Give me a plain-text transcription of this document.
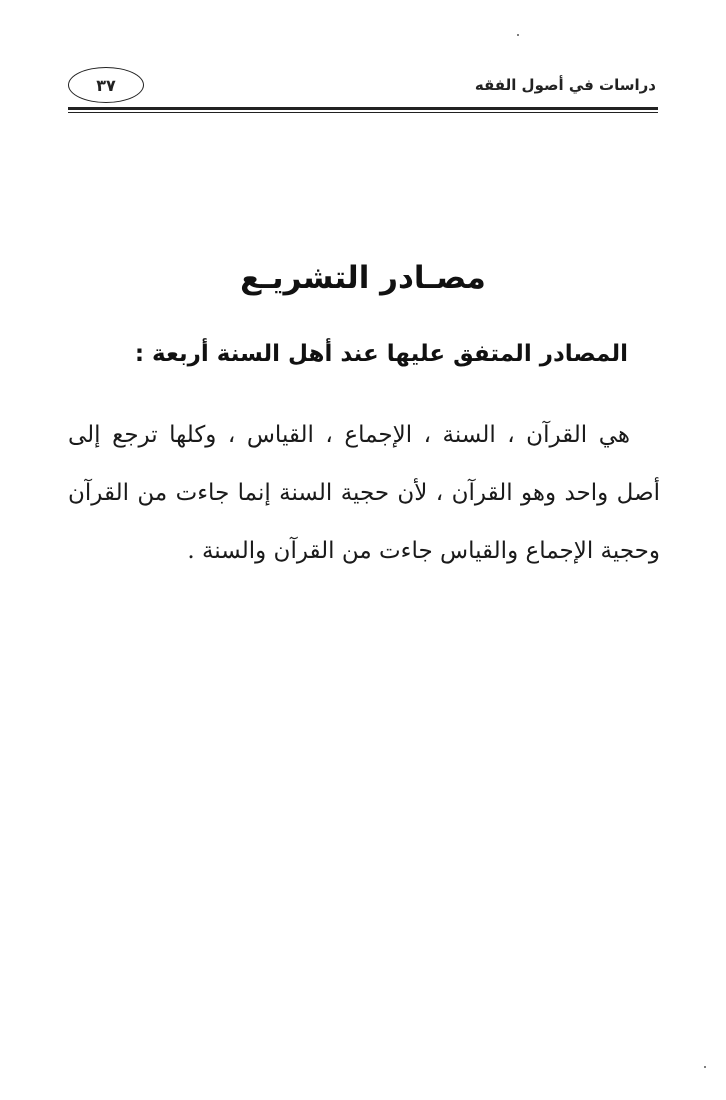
٣٧	دراسات في أصول الفقه
مصـادر التشريـع
المصادر المتفق عليها عند أهل السنة أربعة :

هي القرآن ، السنة ، الإجماع ، القياس ، وكلها ترجع إلى أصل واحد وهو القرآن ، لأن حجية السنة إنما جاءت من القرآن وحجية الإجماع والقياس جاءت من القرآن والسنة .
